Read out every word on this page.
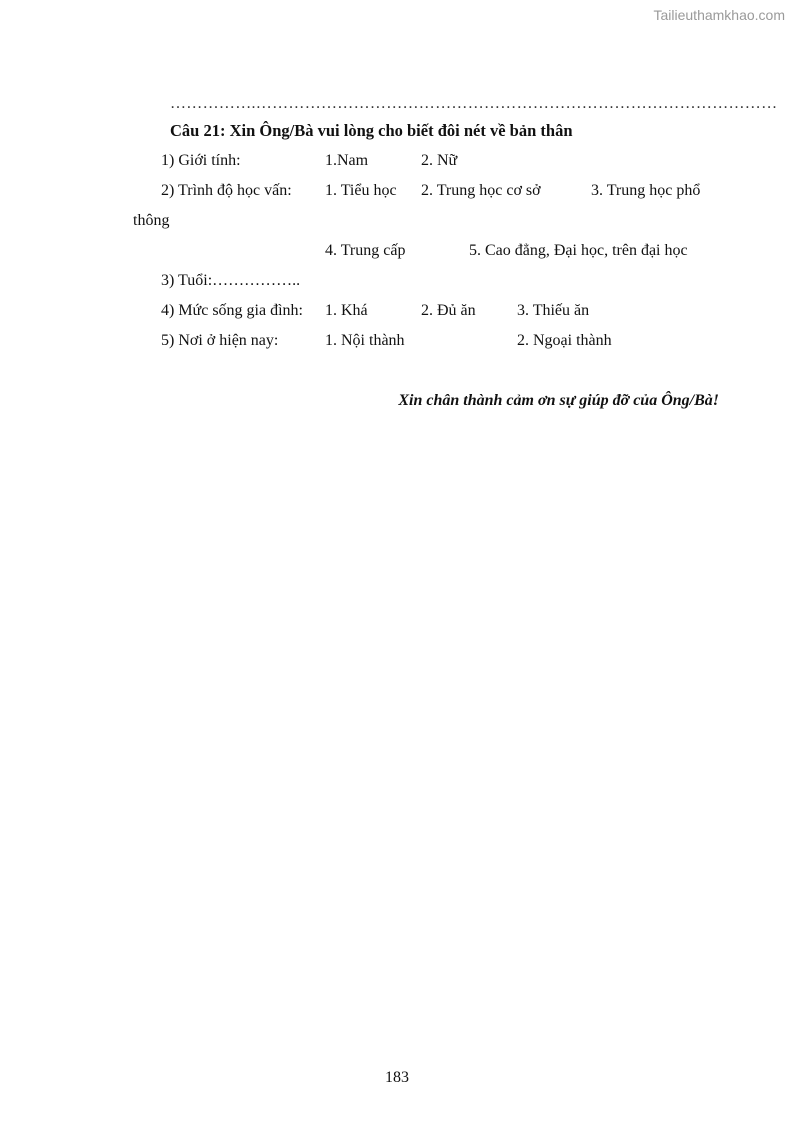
Tailieuthamkhao.com
…………….……………………………………………………………………………………
Câu 21: Xin Ông/Bà vui lòng cho biết đôi nét về bản thân
1) Giới tính:	1.Nam	2. Nữ
2) Trình độ học vấn: 1. Tiểu học 2. Trung học cơ sở	3. Trung học phổ
thông
4. Trung cấp	5. Cao đẳng, Đại học, trên đại học
3) Tuổi:……………..
4) Mức sống gia đình: 1. Khá	2. Đủ ăn	3. Thiếu ăn
5) Nơi ở hiện nay:	1. Nội thành	2. Ngoại thành
Xin chân thành cảm ơn sự giúp đỡ của Ông/Bà!
183
